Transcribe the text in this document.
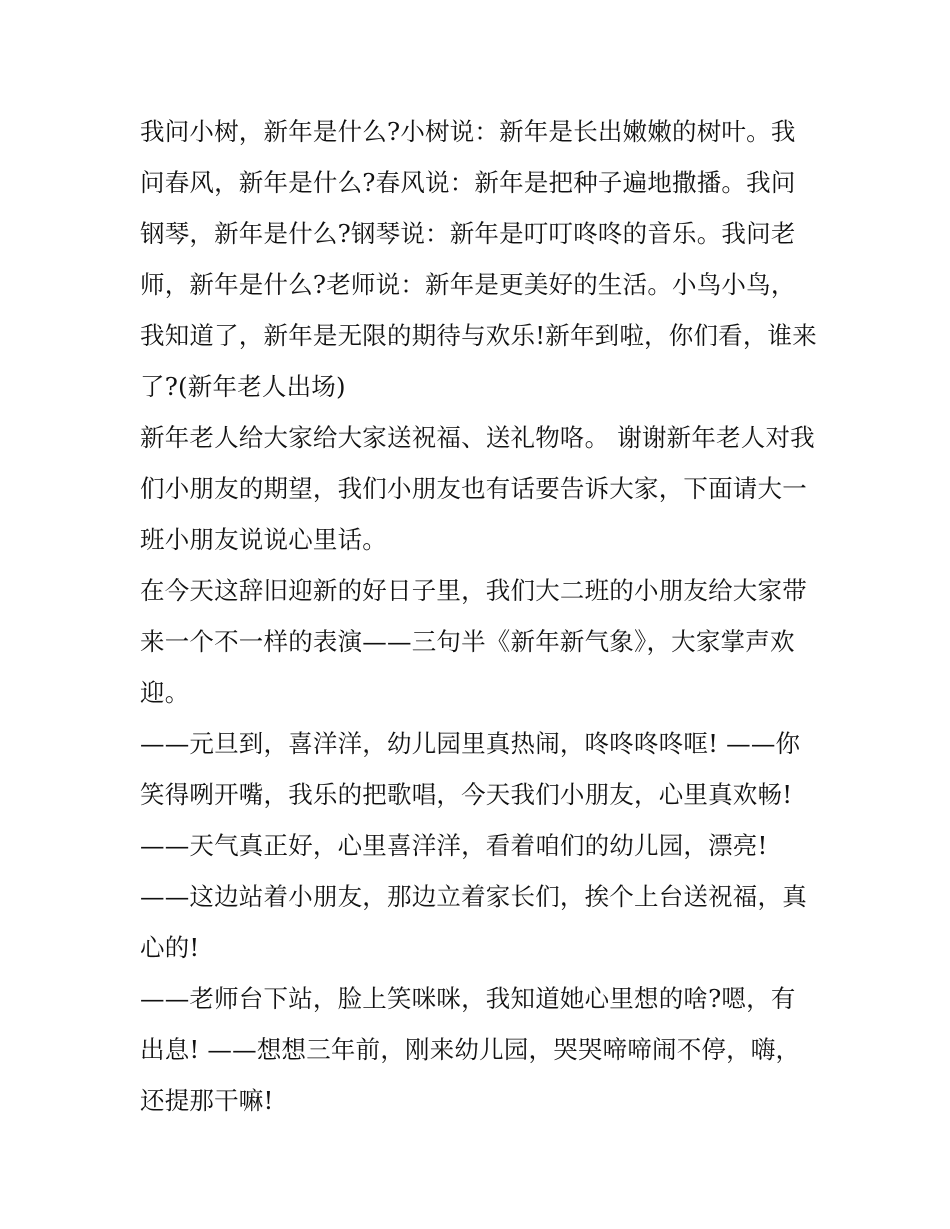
我问小树，新年是什么?小树说：新年是长出嫩嫩的树叶。我问春风，新年是什么?春风说：新年是把种子遍地撒播。我问钢琴，新年是什么?钢琴说：新年是叮叮咚咚的音乐。我问老师，新年是什么?老师说：新年是更美好的生活。小鸟小鸟，我知道了，新年是无限的期待与欢乐!新年到啦，你们看，谁来了?(新年老人出场)

新年老人给大家给大家送祝福、送礼物咯。 谢谢新年老人对我们小朋友的期望，我们小朋友也有话要告诉大家，下面请大一班小朋友说说心里话。

在今天这辞旧迎新的好日子里，我们大二班的小朋友给大家带来一个不一样的表演——三句半《新年新气象》，大家掌声欢迎。

——元旦到，喜洋洋，幼儿园里真热闹，咚咚咚咚哐! ——你笑得咧开嘴，我乐的把歌唱，今天我们小朋友，心里真欢畅!

——天气真正好，心里喜洋洋，看着咱们的幼儿园，漂亮!

——这边站着小朋友，那边立着家长们，挨个上台送祝福，真心的!

——老师台下站，脸上笑咪咪，我知道她心里想的啥?嗯，有出息! ——想想三年前，刚来幼儿园，哭哭啼啼闹不停，嗨，还提那干嘛!
